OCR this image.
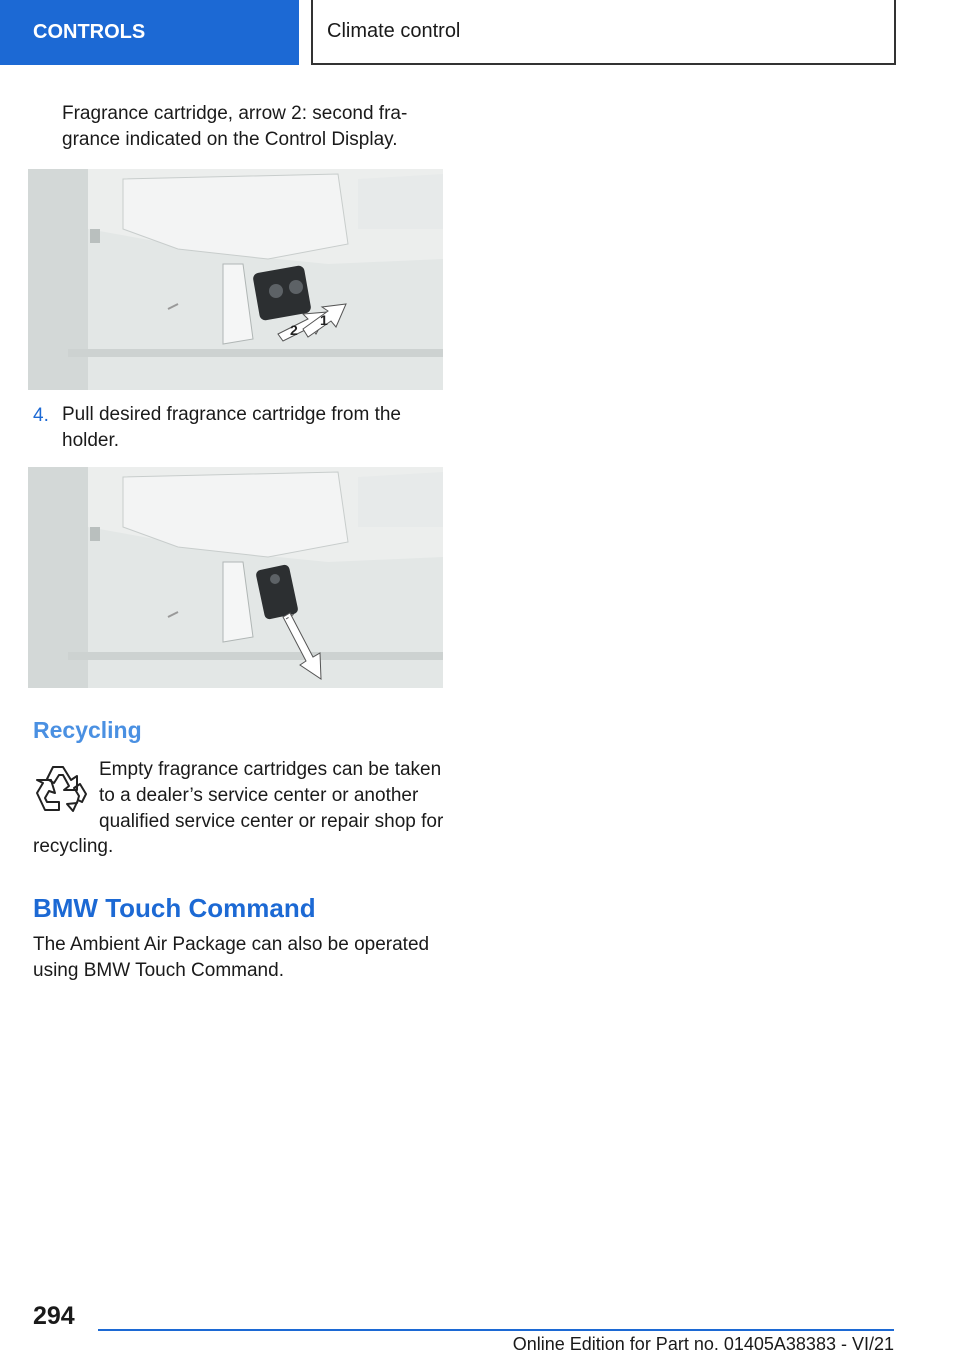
CONTROLS	Climate control

Fragrance cartridge, arrow 2: second fra-
grance indicated on the Control Display.

2
1
4. Pull desired fragrance cartridge from the
holder.

Recycling

Empty fragrance cartridges can be taken
to a dealer’s service center or another
qualified service center or repair shop for

recycling.

BMW Touch Command

The Ambient Air Package can also be operated
using BMW Touch Command.

294
Online Edition for Part no. 01405A38383 - VI/21
